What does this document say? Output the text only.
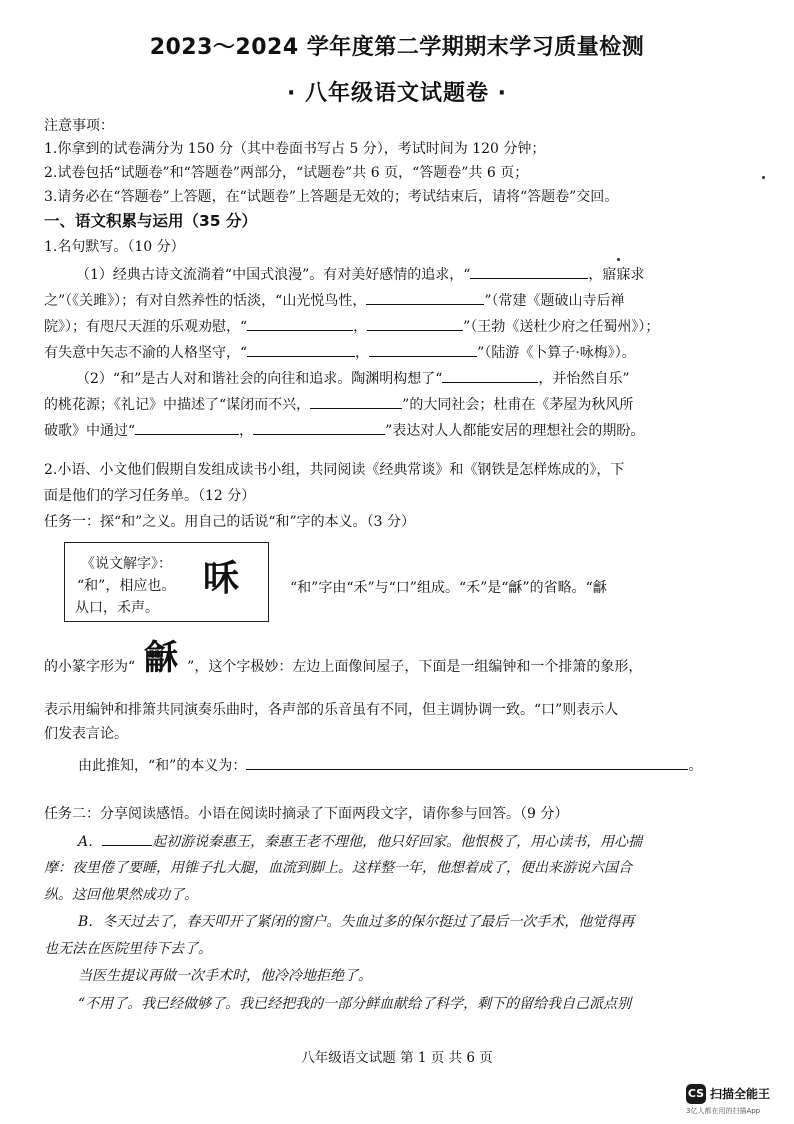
2023～2024 学年度第二学期期末学习质量检测
· 八年级语文试题卷 ·
注意事项：
1.你拿到的试卷满分为 150 分（其中卷面书写占 5 分），考试时间为 120 分钟；
2.试卷包括“试题卷”和“答题卷”两部分，“试题卷”共 6 页，“答题卷”共 6 页；
3.请务必在“答题卷”上答题，在“试题卷”上答题是无效的；考试结束后，请将“答题卷”交回。
一、语文积累与运用（35 分）
1.名句默写。（10 分）
（1）经典古诗文流淌着“中国式浪漫”。有对美好感情的追求，“	，寤寐求
之”（《关雎》）；有对自然养性的恬淡，“山光悦鸟性，	”（常建《题破山寺后禅
院》）；有咫尺天涯的乐观劝慰，“	，	”（王勃《送杜少府之任蜀州》）；
有失意中矢志不渝的人格坚守，“	，	”（陆游《卜算子·咏梅》）。
（2）“和”是古人对和谐社会的向往和追求。陶渊明构想了“	，并怡然自乐”
的桃花源；《礼记》中描述了“谋闭而不兴，	”的大同社会；杜甫在《茅屋为秋风所
破歌》中通过“	，	”表达对人人都能安居的理想社会的期盼。
2.小语、小文他们假期自发组成读书小组，共同阅读《经典常谈》和《钢铁是怎样炼成的》，下
面是他们的学习任务单。（12 分）
任务一：探“和”之义。用自己的话说“和”字的本义。（3 分）
《说文解字》：
“和”，相应也。
从口，禾声。
咊	“和”字由“禾”与“口”组成。“禾”是“龢”的省略。“龢
的小篆字形为“ 龢 ”，这个字极妙：左边上面像间屋子，下面是一组编钟和一个排箫的象形，
表示用编钟和排箫共同演奏乐曲时，各声部的乐音虽有不同，但主调协调一致。“口”则表示人
们发表言论。
由此推知，“和”的本义为：	。
任务二：分享阅读感悟。小语在阅读时摘录了下面两段文字，请你参与回答。（9 分）
A．	起初游说秦惠王，秦惠王老不理他，他只好回家。他恨极了，用心读书，用心揣
摩：夜里倦了要睡，用锥子扎大腿，血流到脚上。这样整一年，他想着成了，便出来游说六国合
纵。这回他果然成功了。
B．冬天过去了，春天叩开了紧闭的窗户。失血过多的保尔挺过了最后一次手术，他觉得再
也无法在医院里待下去了。
当医生提议再做一次手术时，他冷冷地拒绝了。
“不用了。我已经做够了。我已经把我的一部分鲜血献给了科学，剩下的留给我自己派点别
八年级语文试题 第 1 页 共 6 页
CS 扫描全能王
3亿人都在用的扫描App
